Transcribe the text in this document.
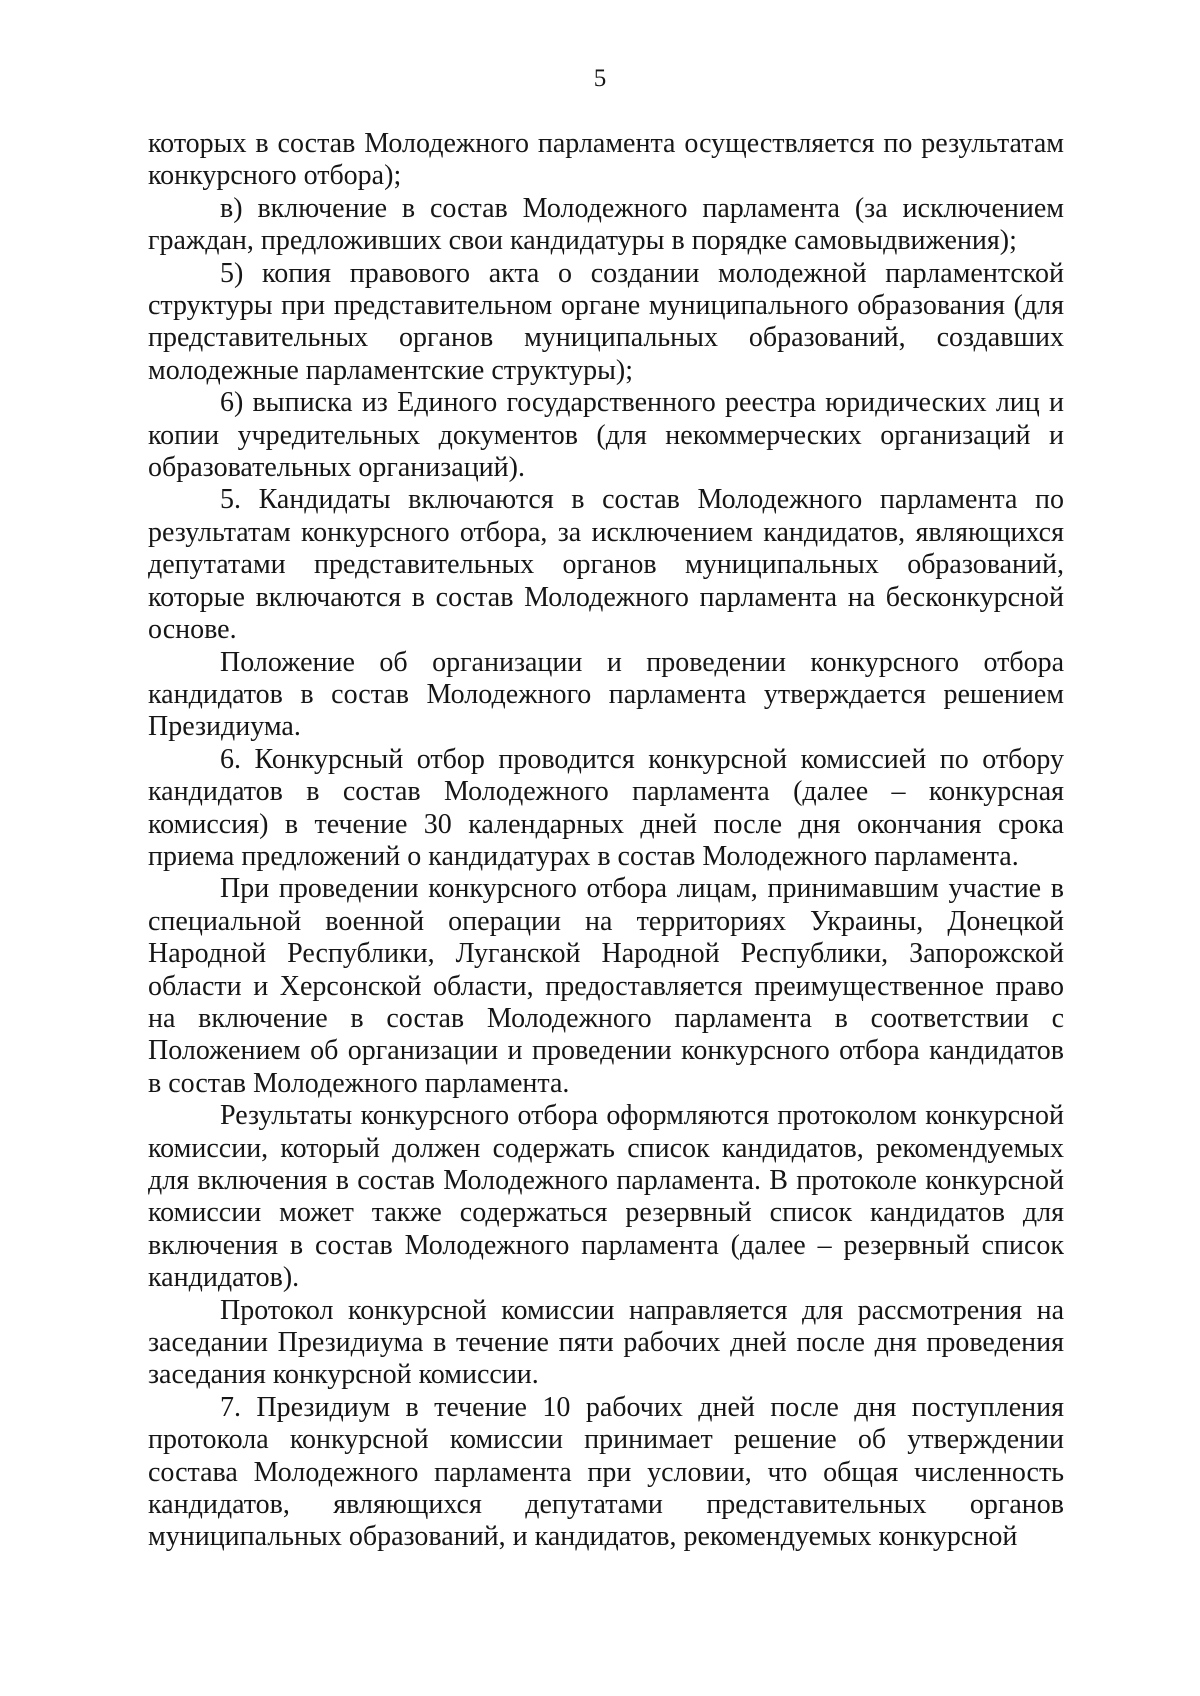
5

которых в состав Молодежного парламента осуществляется по результатам конкурсного отбора);

в) включение в состав Молодежного парламента (за исключением граждан, предложивших свои кандидатуры в порядке самовыдвижения);

5) копия правового акта о создании молодежной парламентской структуры при представительном органе муниципального образования (для представительных органов муниципальных образований, создавших молодежные парламентские структуры);

6) выписка из Единого государственного реестра юридических лиц и копии учредительных документов (для некоммерческих организаций и образовательных организаций).

5. Кандидаты включаются в состав Молодежного парламента по результатам конкурсного отбора, за исключением кандидатов, являющихся депутатами представительных органов муниципальных образований, которые включаются в состав Молодежного парламента на бесконкурсной основе.

Положение об организации и проведении конкурсного отбора кандидатов в состав Молодежного парламента утверждается решением Президиума.

6. Конкурсный отбор проводится конкурсной комиссией по отбору кандидатов в состав Молодежного парламента (далее – конкурсная комиссия) в течение 30 календарных дней после дня окончания срока приема предложений о кандидатурах в состав Молодежного парламента.

При проведении конкурсного отбора лицам, принимавшим участие в специальной военной операции на территориях Украины, Донецкой Народной Республики, Луганской Народной Республики, Запорожской области и Херсонской области, предоставляется преимущественное право на включение в состав Молодежного парламента в соответствии с Положением об организации и проведении конкурсного отбора кандидатов в состав Молодежного парламента.

Результаты конкурсного отбора оформляются протоколом конкурсной комиссии, который должен содержать список кандидатов, рекомендуемых для включения в состав Молодежного парламента. В протоколе конкурсной комиссии может также содержаться резервный список кандидатов для включения в состав Молодежного парламента (далее – резервный список кандидатов).

Протокол конкурсной комиссии направляется для рассмотрения на заседании Президиума в течение пяти рабочих дней после дня проведения заседания конкурсной комиссии.

7. Президиум в течение 10 рабочих дней после дня поступления протокола конкурсной комиссии принимает решение об утверждении состава Молодежного парламента при условии, что общая численность кандидатов, являющихся депутатами представительных органов муниципальных образований, и кандидатов, рекомендуемых конкурсной
